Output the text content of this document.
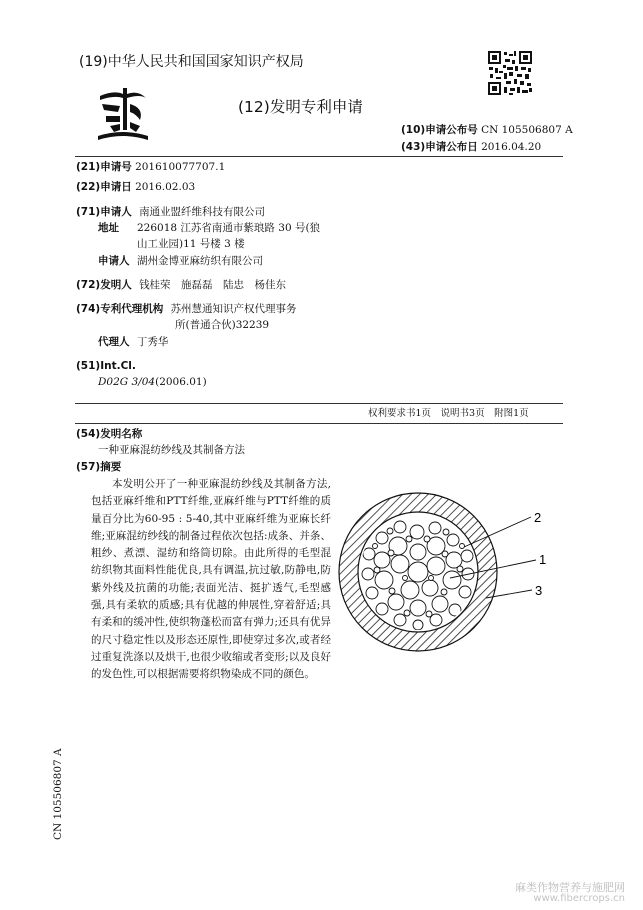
(19)中华人民共和国国家知识产权局
(12)发明专利申请
(10)申请公布号 CN 105506807 A
(43)申请公布日 2016.04.20
(21)申请号 201610077707.1
(22)申请日 2016.02.03
(71)申请人 南通业盟纤维科技有限公司
地址 226018 江苏省南通市紫琅路 30 号(狼
山工业园)11 号楼 3 楼
申请人 湖州金博亚麻纺织有限公司
(72)发明人 钱桂荣　施磊磊　陆忠　杨佳东
(74)专利代理机构 苏州慧通知识产权代理事务
所(普通合伙)32239
代理人 丁秀华
(51)Int.Cl.
D02G 3/04(2006.01)
权利要求书1页　说明书3页　附图1页
(54)发明名称
一种亚麻混纺纱线及其制备方法
(57)摘要
本发明公开了一种亚麻混纺纱线及其制备方法,包括亚麻纤维和PTT纤维,亚麻纤维与PTT纤维的质量百分比为60-95 : 5-40,其中亚麻纤维为亚麻长纤维;亚麻混纺纱线的制备过程依次包括:成条、并条、粗纱、煮漂、湿纺和络筒切除。由此所得的毛型混纺织物其面料性能优良,具有调温,抗过敏,防静电,防紫外线及抗菌的功能;表面光洁、挺扩透气,毛型感强,具有柔软的质感;具有优越的伸展性,穿着舒适;具有柔和的缓冲性,使织物蓬松而富有弹力;还具有优异的尺寸稳定性以及形态还原性,即使穿过多次,或者经过重复洗涤以及烘干,也很少收缩或者变形;以及良好的发色性,可以根据需要将织物染成不同的颜色。
2
1
3
CN 105506807 A
麻类作物营养与施肥网
www.fibercrops.cn
